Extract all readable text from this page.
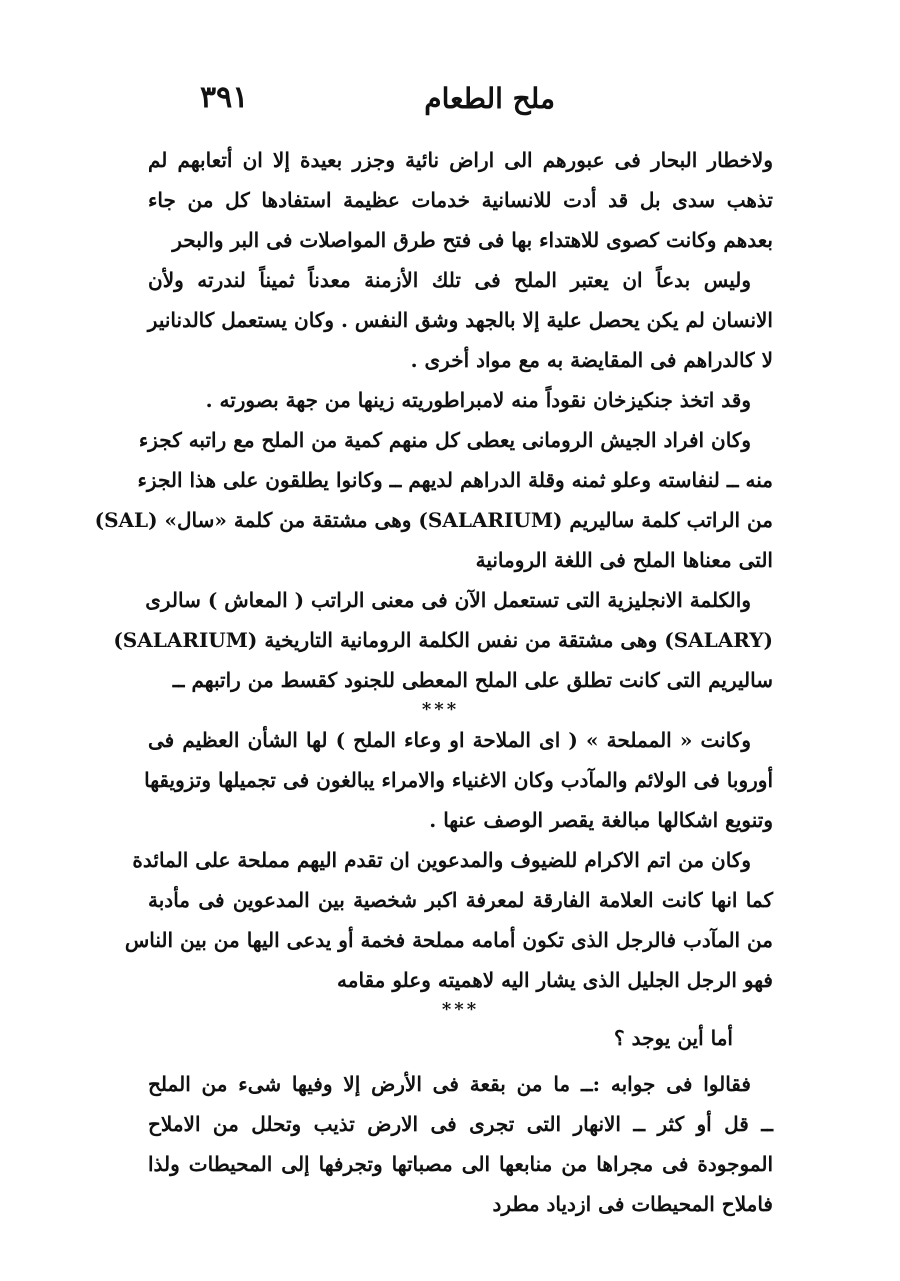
ملح الطعام
٣٩١
ولاخطار البحار فى عبورهم الى اراض نائية وجزر بعيدة إلا ان أتعابهم لم
تذهب سدى بل قد أدت للانسانية خدمات عظيمة استفادها كل من جاء
بعدهم وكانت كصوى للاهتداء بها فى فتح طرق المواصلات فى البر والبحر
وليس بدعاً ان يعتبر الملح فى تلك الأزمنة معدناً ثميناً لندرته ولأن
الانسان لم يكن يحصل علية إلا بالجهد وشق النفس . وكان يستعمل كالدنانير
لا كالدراهم فى المقايضة به مع مواد أخرى .
وقد اتخذ جنكيزخان نقوداً منه لامبراطوريته زينها من جهة بصورته .
وكان افراد الجيش الرومانى يعطى كل منهم كمية من الملح مع راتبه كجزء
منه ــ لنفاسته وعلو ثمنه وقلة الدراهم لديهم ــ وكانوا يطلقون على هذا الجزء
من الراتب كلمة ساليريم (SALARIUM) وهى مشتقة من كلمة «سال» (SAL)
التى معناها الملح فى اللغة الرومانية
والكلمة الانجليزية التى تستعمل الآن فى معنى الراتب ( المعاش ) سالرى
(SALARY) وهى مشتقة من نفس الكلمة الرومانية التاريخية (SALARIUM)
ساليريم التى كانت تطلق على الملح المعطى للجنود كقسط من راتبهم ــ
***
وكانت « المملحة » ( اى الملاحة او وعاء الملح ) لها الشأن العظيم فى
أوروبا فى الولائم والمآدب وكان الاغنياء والامراء يبالغون فى تجميلها وتزويقها
وتنويع اشكالها مبالغة يقصر الوصف عنها .
وكان من اتم الاكرام للضيوف والمدعوين ان تقدم اليهم مملحة على المائدة
كما انها كانت العلامة الفارقة لمعرفة اكبر شخصية بين المدعوين فى مأدبة
من المآدب فالرجل الذى تكون أمامه مملحة فخمة أو يدعى اليها من بين الناس
فهو الرجل الجليل الذى يشار اليه لاهميته وعلو مقامه
***
أما أين يوجد ؟
فقالوا فى جوابه :ــ ما من بقعة فى الأرض إلا وفيها شىء من الملح
ــ قل أو كثر ــ الانهار التى تجرى فى الارض تذيب وتحلل من الاملاح
الموجودة فى مجراها من منابعها الى مصباتها وتجرفها إلى المحيطات ولذا
فاملاح المحيطات فى ازدياد مطرد
